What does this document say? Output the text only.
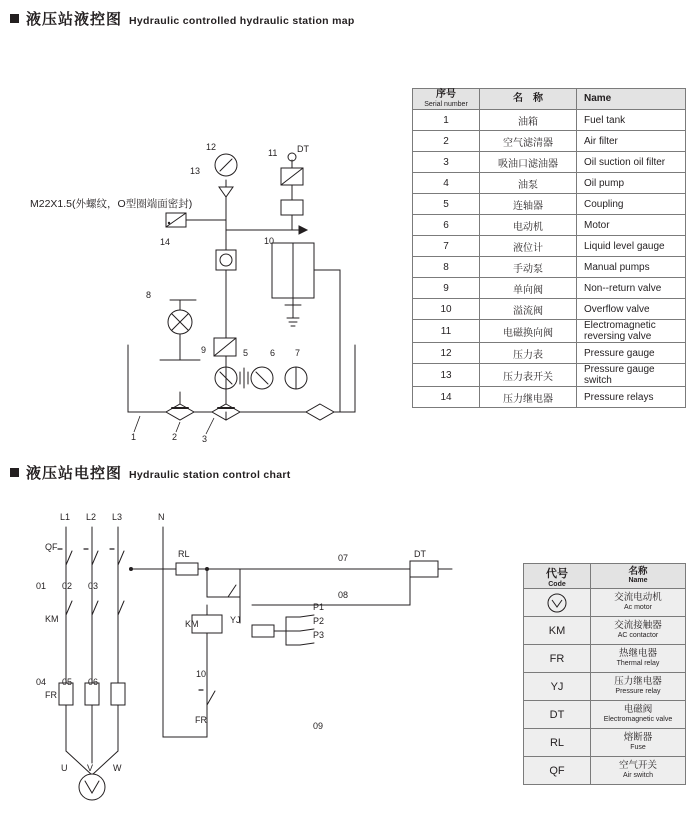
液压站液控图 Hydraulic controlled hydraulic station map
液压站电控图 Hydraulic station control chart
12
13
14
11 DT
10
8
9	5 6 7
1	2	3
M22X1.5(外螺纹，O型圈端面密封)
L1 L2 L3	N
QF
KM
FR
01 02 03
04 05 06
U V W
RL
KM	YJ
10
FR
P1
P2
P3
07
08
09
DT
序号
Serial number	名　称	Name
1	油箱	Fuel tank
2	空气滤清器	Air filter
3	吸油口滤油器	Oil suction oil filter
4	油泵	Oil pump
5	连轴器	Coupling
6	电动机	Motor
7	液位计	Liquid level gauge
8	手动泵	Manual pumps
9	单向阀	Non--return valve
10	溢流阀	Overflow valve
11	电磁换向阀	Electromagnetic reversing valve
12	压力表	Pressure gauge
13	压力表开关	Pressure gauge switch
14	压力继电器	Pressure relays
代号
Code	名称
Name

	交流电动机
Ac motor

KM	交流接触器
AC contactor

FR	热继电器
Thermal relay

YJ	压力继电器
Pressure relay

DT	电磁阀
Electromagnetic valve

RL	熔断器
Fuse

QF	空气开关
Air switch
